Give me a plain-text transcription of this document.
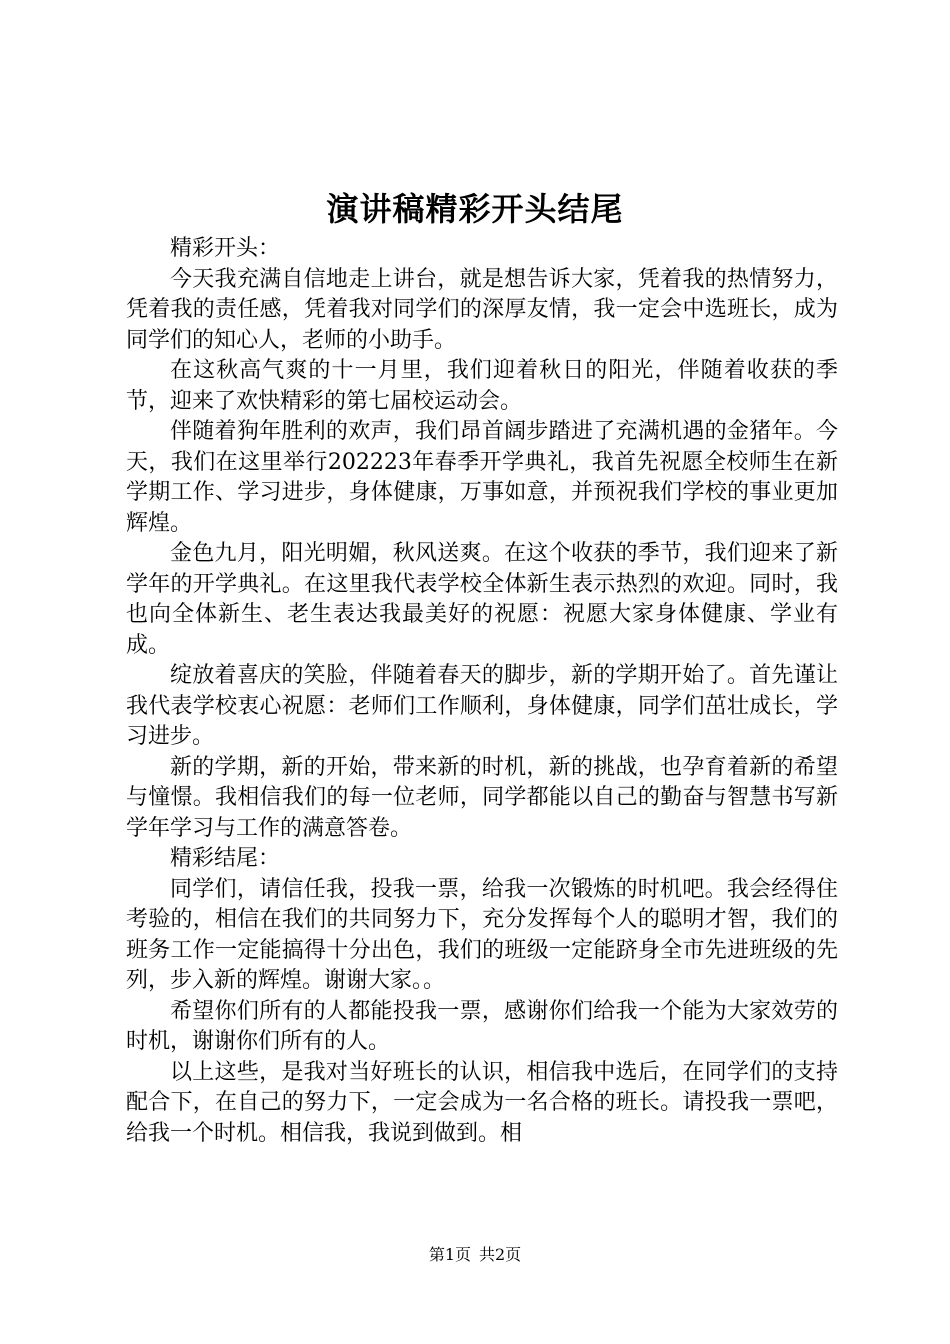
演讲稿精彩开头结尾

精彩开头：

今天我充满自信地走上讲台，就是想告诉大家，凭着我的热情努力，凭着我的责任感，凭着我对同学们的深厚友情，我一定会中选班长，成为同学们的知心人，老师的小助手。

在这秋高气爽的十一月里，我们迎着秋日的阳光，伴随着收获的季节，迎来了欢快精彩的第七届校运动会。

伴随着狗年胜利的欢声，我们昂首阔步踏进了充满机遇的金猪年。今天，我们在这里举行202223年春季开学典礼，我首先祝愿全校师生在新学期工作、学习进步，身体健康，万事如意，并预祝我们学校的事业更加辉煌。

金色九月，阳光明媚，秋风送爽。在这个收获的季节，我们迎来了新学年的开学典礼。在这里我代表学校全体新生表示热烈的欢迎。同时，我也向全体新生、老生表达我最美好的祝愿：祝愿大家身体健康、学业有成。

绽放着喜庆的笑脸，伴随着春天的脚步，新的学期开始了。首先谨让我代表学校衷心祝愿：老师们工作顺利，身体健康，同学们茁壮成长，学习进步。

新的学期，新的开始，带来新的时机，新的挑战，也孕育着新的希望与憧憬。我相信我们的每一位老师，同学都能以自己的勤奋与智慧书写新学年学习与工作的满意答卷。

精彩结尾：

同学们，请信任我，投我一票，给我一次锻炼的时机吧。我会经得住考验的，相信在我们的共同努力下，充分发挥每个人的聪明才智，我们的班务工作一定能搞得十分出色，我们的班级一定能跻身全市先进班级的先列，步入新的辉煌。谢谢大家。。

希望你们所有的人都能投我一票，感谢你们给我一个能为大家效劳的时机，谢谢你们所有的人。

以上这些，是我对当好班长的认识，相信我中选后，在同学们的支持配合下，在自己的努力下，一定会成为一名合格的班长。请投我一票吧，给我一个时机。相信我，我说到做到。相

第1页 共2页
